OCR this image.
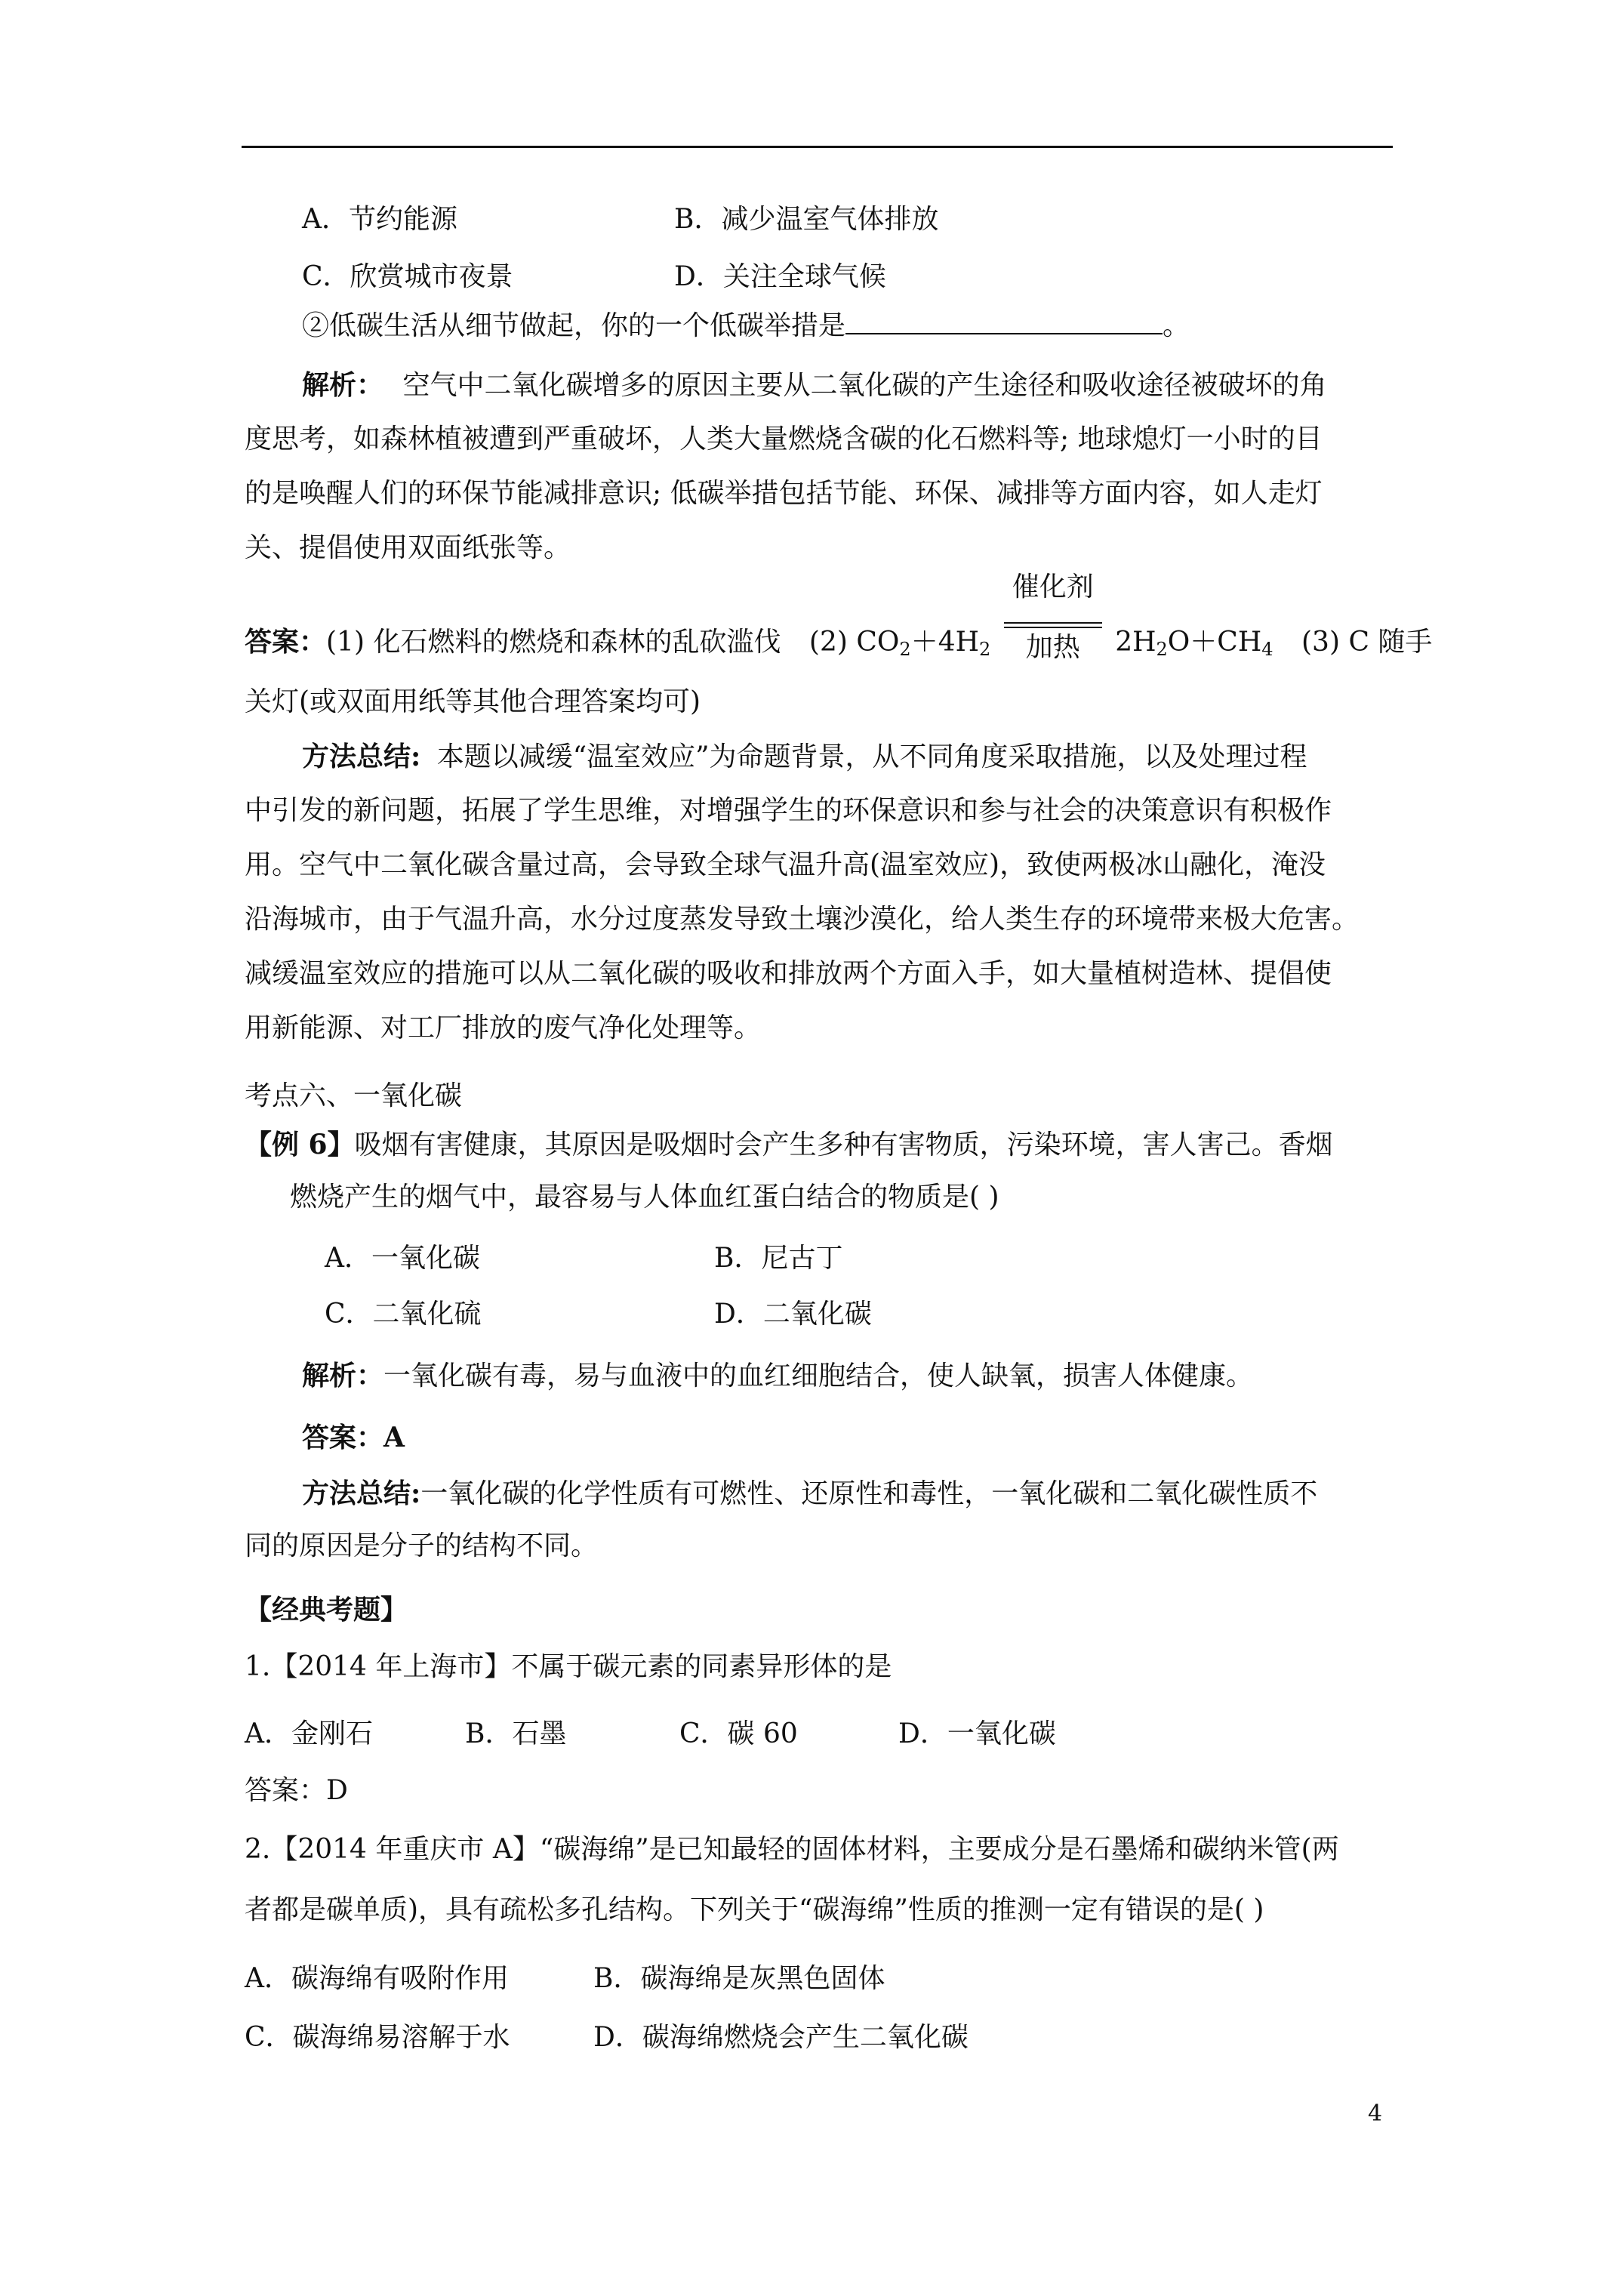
A．节约能源	B．减少温室气体排放
C．欣赏城市夜景	D．关注全球气候
②低碳生活从细节做起，你的一个低碳举措是	。
解析： 空气中二氧化碳增多的原因主要从二氧化碳的产生途径和吸收途径被破坏的角
度思考，如森林植被遭到严重破坏，人类大量燃烧含碳的化石燃料等; 地球熄灯一小时的目
的是唤醒人们的环保节能减排意识; 低碳举措包括节能、环保、减排等方面内容，如人走灯
关、提倡使用双面纸张等。
答案：(1) 化石燃料的燃烧和森林的乱砍滥伐 (2) $CO_2+4H_2 \frac{\text{催化剂}}{\text{加热}} 2H_2O+CH_4$ (3) C 随手
关灯(或双面用纸等其他合理答案均可)
方法总结: 本题以减缓“温室效应”为命题背景，从不同角度采取措施，以及处理过程
中引发的新问题，拓展了学生思维，对增强学生的环保意识和参与社会的决策意识有积极作
用。空气中二氧化碳含量过高，会导致全球气温升高(温室效应)，致使两极冰山融化，淹没
沿海城市，由于气温升高，水分过度蒸发导致土壤沙漠化，给人类生存的环境带来极大危害。
减缓温室效应的措施可以从二氧化碳的吸收和排放两个方面入手，如大量植树造林、提倡使
用新能源、对工厂排放的废气净化处理等。
考点六、一氧化碳
【例 6】吸烟有害健康，其原因是吸烟时会产生多种有害物质，污染环境，害人害己。香烟
燃烧产生的烟气中，最容易与人体血红蛋白结合的物质是( )
A．一氧化碳	B．尼古丁
C．二氧化硫	D．二氧化碳
解析：一氧化碳有毒，易与血液中的血红细胞结合，使人缺氧，损害人体健康。
答案：A
方法总结:一氧化碳的化学性质有可燃性、还原性和毒性，一氧化碳和二氧化碳性质不
同的原因是分子的结构不同。
【经典考题】
1.【2014 年上海市】不属于碳元素的同素异形体的是
A．金刚石	B．石墨	C．碳 60	D．一氧化碳
答案：D
2.【2014 年重庆市 A】“碳海绵”是已知最轻的固体材料，主要成分是石墨烯和碳纳米管(两
者都是碳单质)，具有疏松多孔结构。下列关于“碳海绵”性质的推测一定有错误的是( )
A．碳海绵有吸附作用	B．碳海绵是灰黑色固体
C．碳海绵易溶解于水	D．碳海绵燃烧会产生二氧化碳
4
